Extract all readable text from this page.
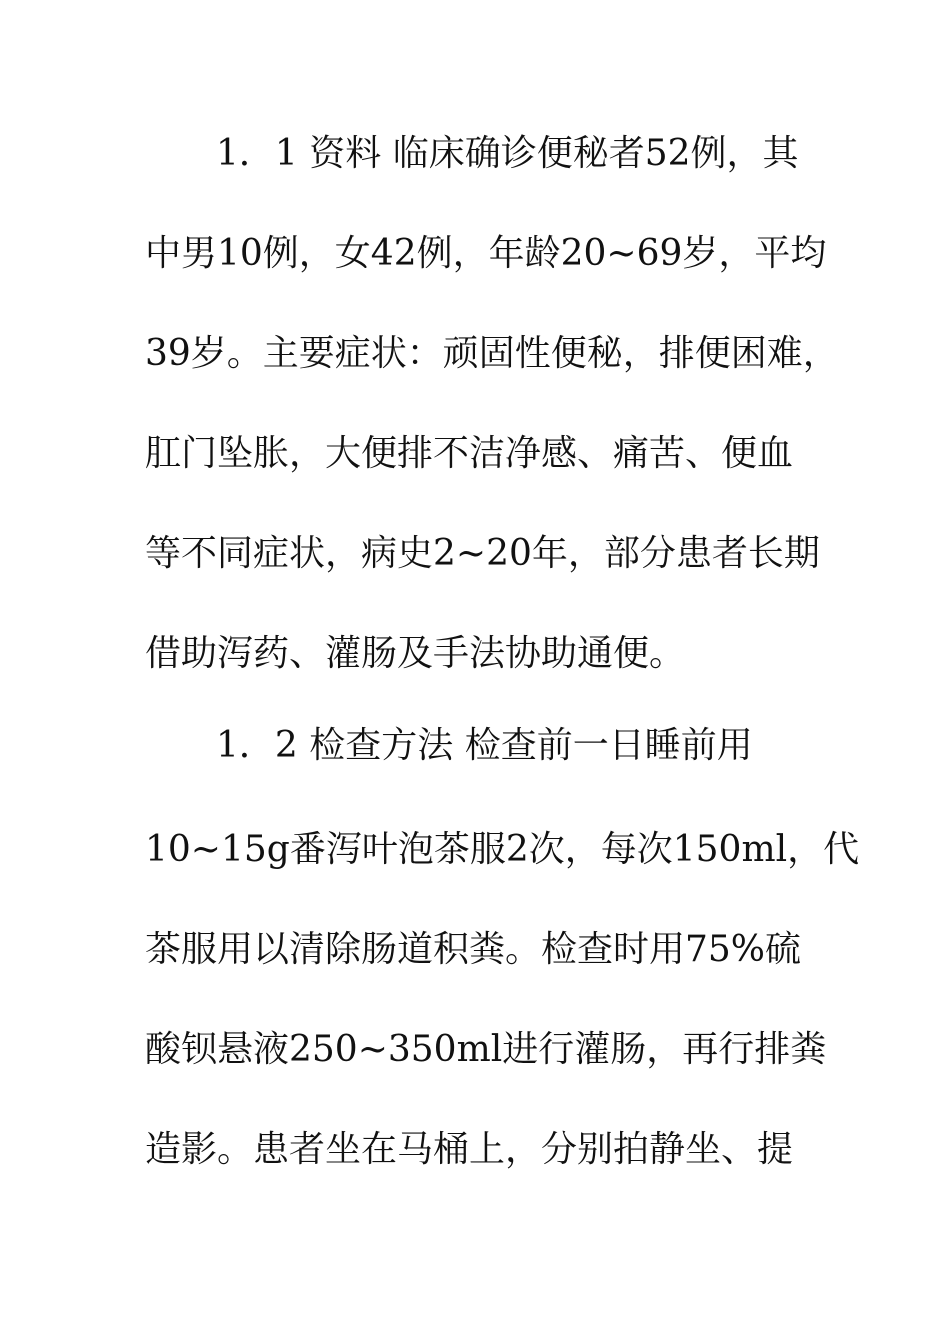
1．1 资料 临床确诊便秘者52例，其
中男10例，女42例，年龄20~69岁，平均
39岁。主要症状：顽固性便秘，排便困难，
肛门坠胀，大便排不洁净感、痛苦、便血
等不同症状，病史2~20年，部分患者长期
借助泻药、灌肠及手法协助通便。
1．2 检查方法 检查前一日睡前用
10~15g番泻叶泡茶服2次，每次150ml，代
茶服用以清除肠道积粪。检查时用75%硫
酸钡悬液250~350ml进行灌肠，再行排粪
造影。患者坐在马桶上，分别拍静坐、提
